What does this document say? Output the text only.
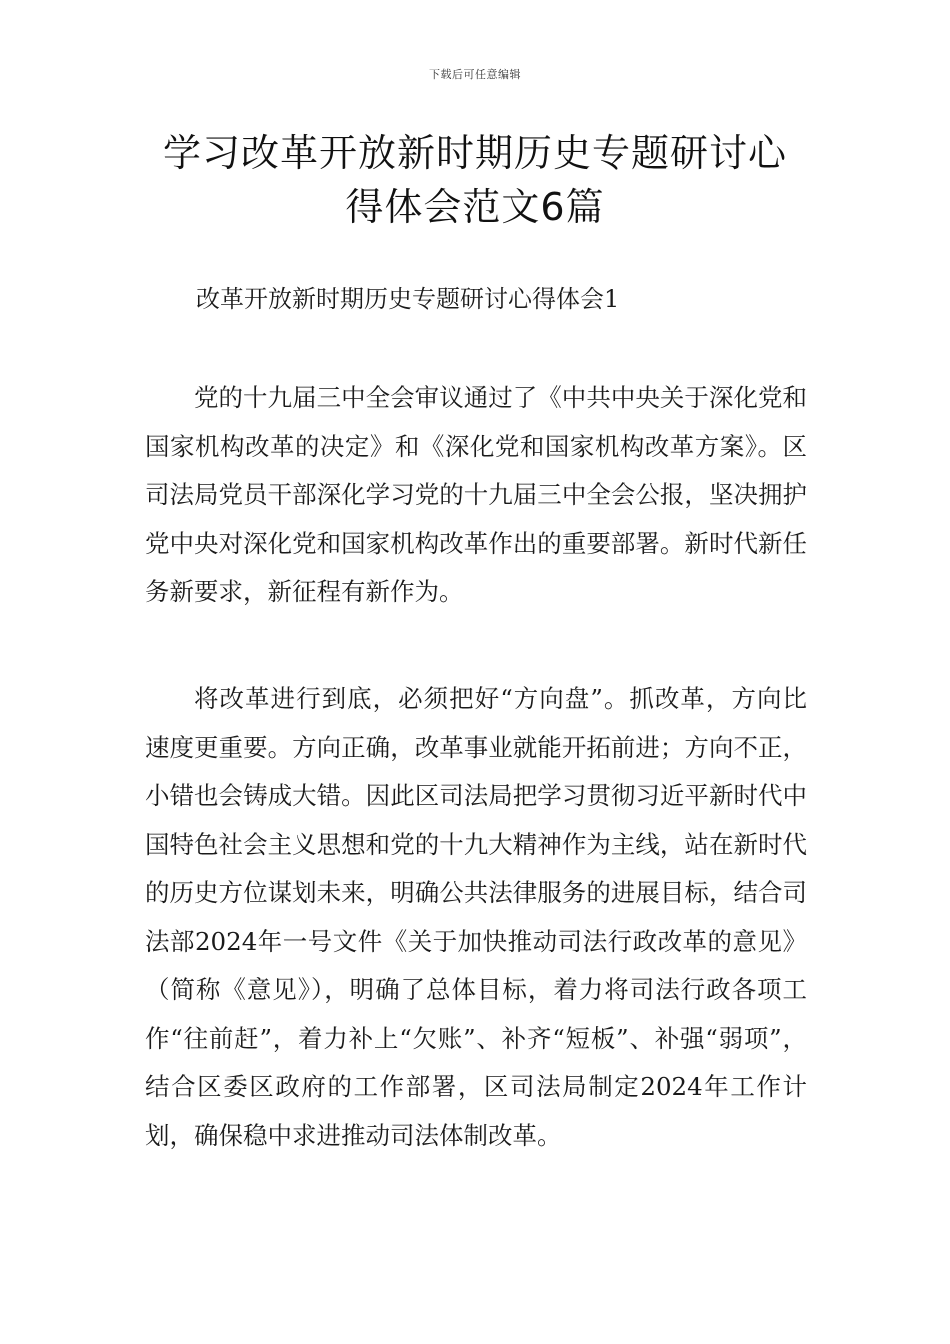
下载后可任意编辑
学习改革开放新时期历史专题研讨心得体会范文6篇
改革开放新时期历史专题研讨心得体会1

党的十九届三中全会审议通过了《中共中央关于深化党和国家机构改革的决定》和《深化党和国家机构改革方案》。区司法局党员干部深化学习党的十九届三中全会公报，坚决拥护党中央对深化党和国家机构改革作出的重要部署。新时代新任务新要求，新征程有新作为。

将改革进行到底，必须把好“方向盘”。抓改革，方向比速度更重要。方向正确，改革事业就能开拓前进；方向不正，小错也会铸成大错。因此区司法局把学习贯彻习近平新时代中国特色社会主义思想和党的十九大精神作为主线，站在新时代的历史方位谋划未来，明确公共法律服务的进展目标，结合司法部2024年一号文件《关于加快推动司法行政改革的意见》（简称《意见》），明确了总体目标，着力将司法行政各项工作“往前赶”，着力补上“欠账”、补齐“短板”、补强“弱项”，结合区委区政府的工作部署，区司法局制定2024年工作计划，确保稳中求进推动司法体制改革。
